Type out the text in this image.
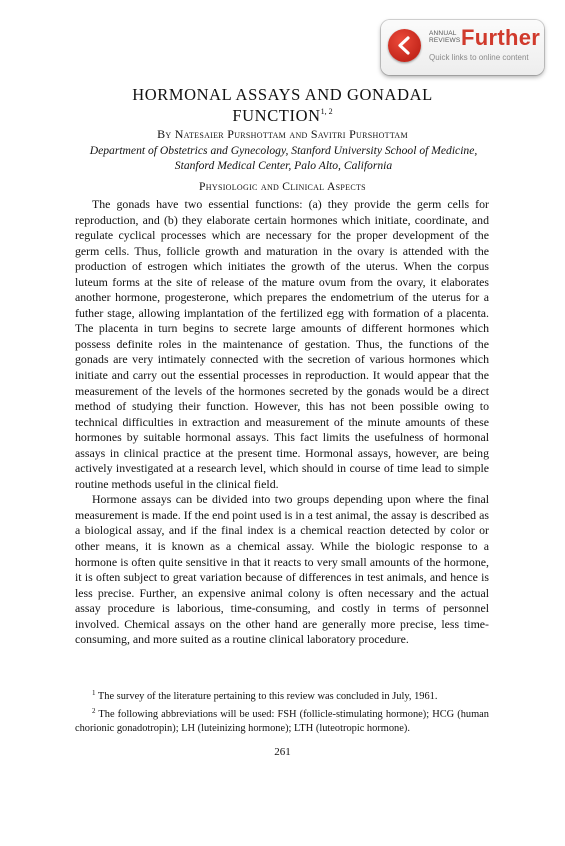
ANNUAL
REVIEWS Further
Quick links to online content
HORMONAL ASSAYS AND GONADAL
FUNCTION$^{1, 2}$
By Natesaier Purshottam and Savitri Purshottam
Department of Obstetrics and Gynecology, Stanford University School of Medicine,
Stanford Medical Center, Palo Alto, California
Physiologic and Clinical Aspects

The gonads have two essential functions: (a) they provide the germ cells for reproduction, and (b) they elaborate certain hormones which initiate, coordinate, and regulate cyclical processes which are necessary for the proper development of the germ cells. Thus, follicle growth and maturation in the ovary is attended with the production of estrogen which initiates the growth of the uterus. When the corpus luteum forms at the site of release of the mature ovum from the ovary, it elaborates another hormone, progesterone, which prepares the endometrium of the uterus for a futher stage, allowing implantation of the fertilized egg with formation of a placenta. The placenta in turn begins to secrete large amounts of different hormones which possess definite roles in the maintenance of gestation. Thus, the functions of the gonads are very intimately connected with the secretion of various hormones which initiate and carry out the essential processes in reproduction. It would appear that the measurement of the levels of the hormones secreted by the gonads would be a direct method of studying their function. However, this has not been possible owing to technical difficulties in extraction and measurement of the minute amounts of these hormones by suitable hormonal assays. This fact limits the usefulness of hormonal assays in clinical practice at the present time. Hormonal assays, however, are being actively investigated at a research level, which should in course of time lead to simple routine methods useful in the clinical field.

Hormone assays can be divided into two groups depending upon where the final measurement is made. If the end point used is in a test animal, the assay is described as a biological assay, and if the final index is a chemical reaction detected by color or other means, it is known as a chemical assay. While the biologic response to a hormone is often quite sensitive in that it reacts to very small amounts of the hormone, it is often subject to great variation because of differences in test animals, and hence is less precise. Further, an expensive animal colony is often necessary and the actual assay procedure is laborious, time-consuming, and costly in terms of personnel involved. Chemical assays on the other hand are generally more precise, less time-consuming, and more suited as a routine clinical laboratory procedure.

$^1$ The survey of the literature pertaining to this review was concluded in July, 1961.

$^2$ The following abbreviations will be used: FSH (follicle-stimulating hormone); HCG (human chorionic gonadotropin); LH (luteinizing hormone); LTH (luteotropic hormone).

261
